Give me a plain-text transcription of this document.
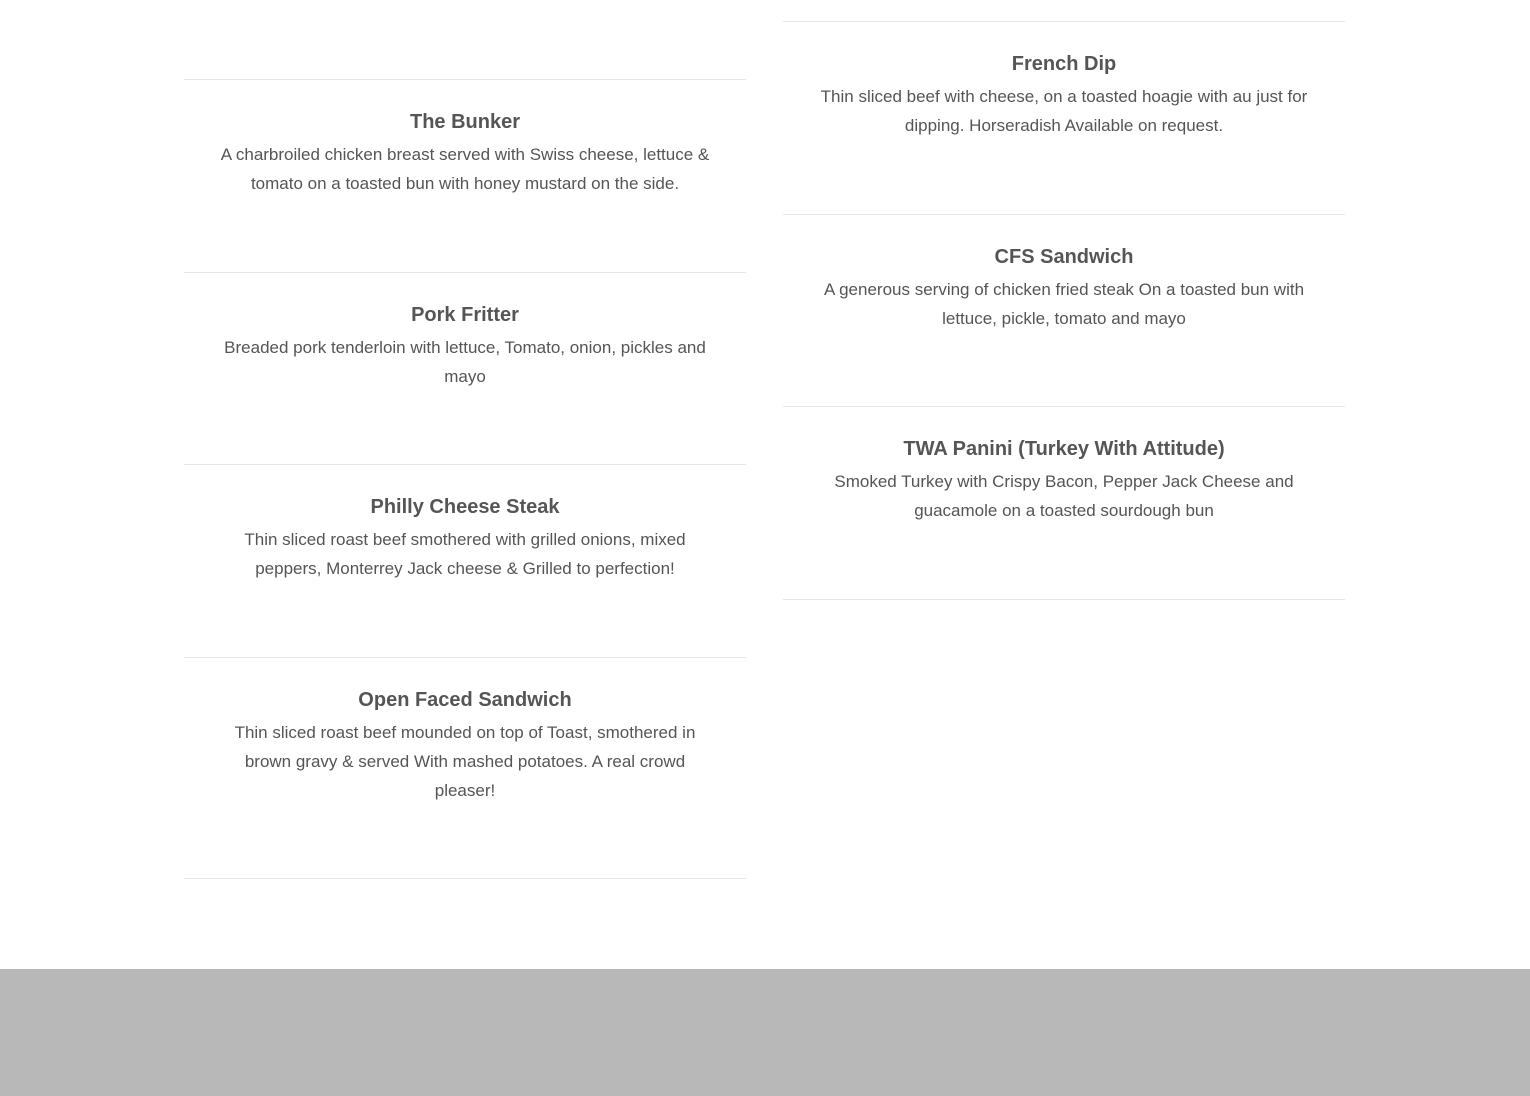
The Bunker

A charbroiled chicken breast served with Swiss cheese, lettuce & tomato on a toasted bun with honey mustard on the side.

Pork Fritter

Breaded pork tenderloin with lettuce, Tomato, onion, pickles and mayo

Philly Cheese Steak

Thin sliced roast beef smothered with grilled onions, mixed peppers, Monterrey Jack cheese & Grilled to perfection!

Open Faced Sandwich

Thin sliced roast beef mounded on top of Toast, smothered in brown gravy & served With mashed potatoes. A real crowd pleaser!

French Dip

Thin sliced beef with cheese, on a toasted hoagie with au just for dipping. Horseradish Available on request.

CFS Sandwich

A generous serving of chicken fried steak On a toasted bun with lettuce, pickle, tomato and mayo

TWA Panini (Turkey With Attitude)

Smoked Turkey with Crispy Bacon, Pepper Jack Cheese and guacamole on a toasted sourdough bun
